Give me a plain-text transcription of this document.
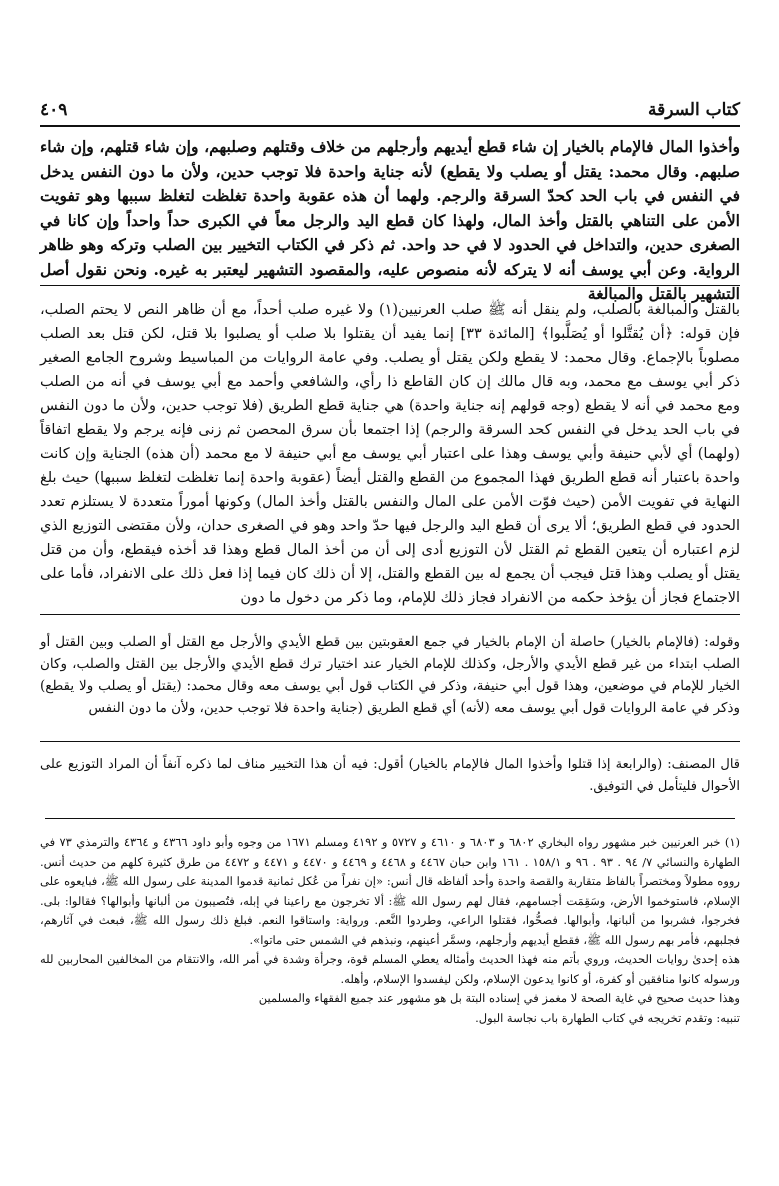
كتاب السرقة
٤٠٩
وأخذوا المال فالإمام بالخيار إن شاء قطع أيديهم وأرجلهم من خلاف وقتلهم وصلبهم، وإن شاء قتلهم، وإن شاء صلبهم. وقال محمد: يقتل أو يصلب ولا يقطع) لأنه جناية واحدة فلا توجب حدين، ولأن ما دون النفس يدخل في النفس في باب الحد كحدّ السرقة والرجم. ولهما أن هذه عقوبة واحدة تغلظت لتغلظ سببها وهو تفويت الأمن على التناهي بالقتل وأخذ المال، ولهذا كان قطع اليد والرجل معاً في الكبرى حداً واحداً وإن كانا في الصغرى حدين، والتداخل في الحدود لا في حد واحد. ثم ذكر في الكتاب التخيير بين الصلب وتركه وهو ظاهر الرواية. وعن أبي يوسف أنه لا يتركه لأنه منصوص عليه، والمقصود التشهير ليعتبر به غيره. ونحن نقول أصل التشهير بالقتل والمبالغة
بالقتل والمبالغة بالصلب، ولم ينقل أنه ﷺ صلب العرنيين(١) ولا غيره صلب أحداً، مع أن ظاهر النص لا يحتم الصلب، فإن قوله: ﴿أن يُقتَّلوا أو يُصَلَّبوا﴾ [المائدة ٣٣] إنما يفيد أن يقتلوا بلا صلب أو يصلبوا بلا قتل، لكن قتل بعد الصلب مصلوباً بالإجماع. وقال محمد: لا يقطع ولكن يقتل أو يصلب. وفي عامة الروايات من المباسيط وشروح الجامع الصغير ذكر أبي يوسف مع محمد، وبه قال مالك إن كان القاطع ذا رأي، والشافعي وأحمد مع أبي يوسف في أنه من الصلب ومع محمد في أنه لا يقطع (وجه قولهم إنه جناية واحدة) هي جناية قطع الطريق (فلا توجب حدين، ولأن ما دون النفس في باب الحد يدخل في النفس كحد السرقة والرجم) إذا اجتمعا بأن سرق المحصن ثم زنى فإنه يرجم ولا يقطع اتفاقاً (ولهما) أي لأبي حنيفة وأبي يوسف وهذا على اعتبار أبي يوسف مع أبي حنيفة لا مع محمد (أن هذه) الجناية وإن كانت واحدة باعتبار أنه قطع الطريق فهذا المجموع من القطع والقتل أيضاً (عقوبة واحدة إنما تغلظت لتغلظ سببها) حيث بلغ النهاية في تفويت الأمن (حيث فوّت الأمن على المال والنفس بالقتل وأخذ المال) وكونها أموراً متعددة لا يستلزم تعدد الحدود في قطع الطريق؛ ألا يرى أن قطع اليد والرجل فيها حدّ واحد وهو في الصغرى حدان، ولأن مقتضى التوزيع الذي لزم اعتباره أن يتعين القطع ثم القتل لأن التوزيع أدى إلى أن من أخذ المال قطع وهذا قد أخذه فيقطع، وأن من قتل يقتل أو يصلب وهذا قتل فيجب أن يجمع له بين القطع والقتل، إلا أن ذلك كان فيما إذا فعل ذلك على الانفراد، فأما على الاجتماع فجاز أن يؤخذ حكمه من الانفراد فجاز ذلك للإمام، وما ذكر من دخول ما دون
وقوله: (فالإمام بالخيار) حاصلة أن الإمام بالخيار في جمع العقوبتين بين قطع الأيدي والأرجل مع القتل أو الصلب وبين القتل أو الصلب ابتداء من غير قطع الأيدي والأرجل، وكذلك للإمام الخيار عند اختيار ترك قطع الأيدي والأرجل بين القتل والصلب، وكان الخيار للإمام في موضعين، وهذا قول أبي حنيفة، وذكر في الكتاب قول أبي يوسف معه وقال محمد: (يقتل أو يصلب ولا يقطع) وذكر في عامة الروايات قول أبي يوسف معه (لأنه) أي قطع الطريق (جناية واحدة فلا توجب حدين، ولأن ما دون النفس
قال المصنف: (والرابعة إذا قتلوا وأخذوا المال فالإمام بالخيار) أقول: فيه أن هذا التخيير مناف لما ذكره آنفاً أن المراد التوزيع على الأحوال فليتأمل في التوفيق.
(١) خبر العرنيين خبر مشهور رواه البخاري ٦٨٠٢ و ٦٨٠٣ و ٤٦١٠ و ٥٧٢٧ و ٤١٩٢ ومسلم ١٦٧١ من وجوه وأبو داود ٤٣٦٦ و ٤٣٦٤ والترمذي ٧٣ في الطهارة والنسائي ٧/ ٩٤ . ٩٣ . ٩٦ و ١٥٨/١ . ١٦١ وابن حبان ٤٤٦٧ و ٤٤٦٨ و ٤٤٦٩ و ٤٤٧٠ و ٤٤٧١ و ٤٤٧٢ من طرق كثيرة كلهم من حديث أنس. رووه مطولاً ومختصراً بالفاظ متقاربة والقصة واحدة وأحد ألفاظه قال أنس: «إن نفراً من عُكل ثمانية قدموا المدينة على رسول الله ﷺ، فبايعوه على الإسلام، فاستوخموا الأرض، وسَقِمَت أجسامهم، فقال لهم رسول الله ﷺ: ألا تخرجون مع راعينا في إبله، فتُصيبون من ألبانها وأبوالها؟ فقالوا: بلى. فخرجوا، فشربوا من ألبانها، وأبوالها. فصحُّوا، فقتلوا الراعي، وطردوا النَّعم. ورواية: واستاقوا النعم. فبلغ ذلك رسول الله ﷺ، فبعث في آثارهم، فجلبهم، فأمر بهم رسول الله ﷺ، فقطع أيديهم وأرجلهم، وسمَّر أعينهم، ونبذهم في الشمس حتى ماتوا».
هذه إحدىٰ روايات الحديث، وروي بأتم منه فهذا الحديث وأمثاله يعطي المسلم قوة، وجرأة وشدة في أمر الله، والانتقام من المخالفين المحاربين لله ورسوله كانوا منافقين أو كفرة، أو كانوا يدعون الإسلام، ولكن ليفسدوا الإسلام، وأهله.
وهذا حديث صحيح في غاية الصحة لا مغمز في إسناده البتة بل هو مشهور عند جميع الفقهاء والمسلمين
تنبيه: وتقدم تخريجه في كتاب الطهارة باب نجاسة البول.
